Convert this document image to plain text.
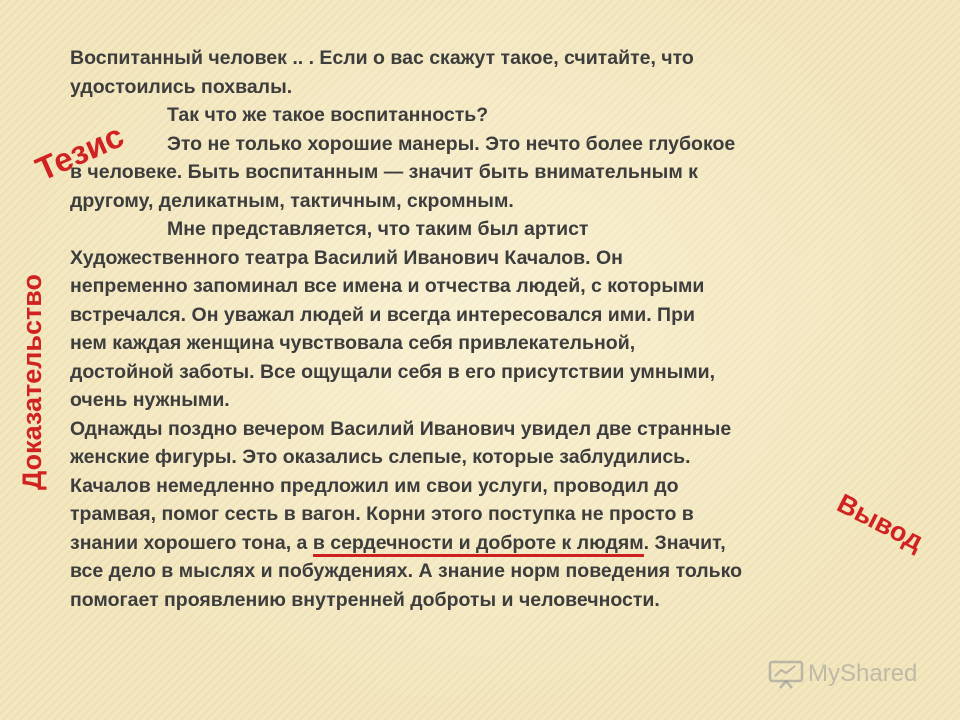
Воспитанный человек .. . Если о вас скажут такое, считайте, что
удостоились похвалы.
Так что же такое воспитанность?
Это не только хорошие манеры. Это нечто более глубокое
в человеке. Быть воспитанным — значит быть внимательным к
другому, деликатным, тактичным, скромным.
Мне представляется, что таким был артист
Художественного театра Василий Иванович Качалов. Он
непременно запоминал все имена и отчества людей, с которыми
встречался. Он уважал людей и всегда интересовался ими. При
нем каждая женщина чувствовала себя привлекательной,
достойной заботы. Все ощущали себя в его присутствии умными,
очень нужными.
Однажды поздно вечером Василий Иванович увидел две странные
женские фигуры. Это оказались слепые, которые заблудились.
Качалов немедленно предложил им свои услуги, проводил до
трамвая, помог сесть в вагон. Корни этого поступка не просто в
знании хорошего тона, а в сердечности и доброте к людям. Значит,
все дело в мыслях и побуждениях. А знание норм поведения только
помогает проявлению внутренней доброты и человечности.
Тезис
Доказательство
Вывод
MyShared
